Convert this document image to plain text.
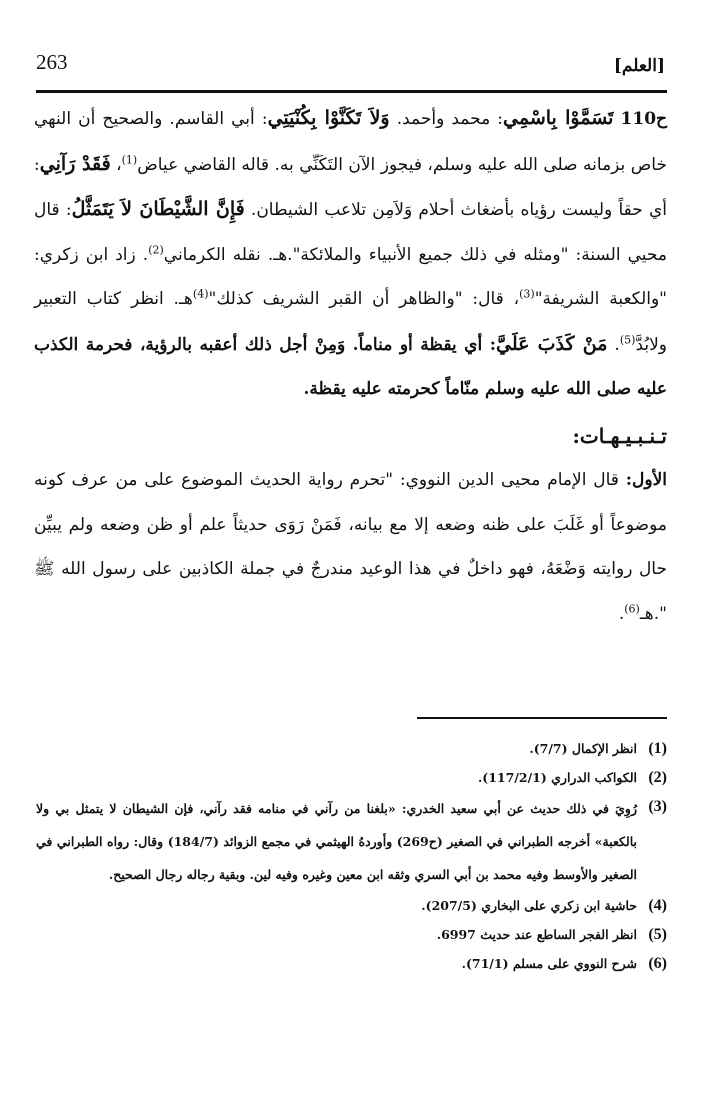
263	[العلم]

ح110 تَسَمَّوْا بِاسْمِي: محمد وأحمد. وَلاَ تَكَنَّوْا بِكُنْيَتِي: أبي القاسم. والصحيح أن النهي خاص بزمانه صلى الله عليه وسلم، فيجوز الآن التَكَنِّي به. قاله القاضي عياض$^{(1)}$، فَقَدْ رَآنِي: أي حقاً وليست رؤياه بأضغاث أحلام وَلاَمِن تلاعب الشيطان. فَإِنَّ الشَّيْطَانَ لاَ يَتَمَثَّلُ: قال محيي السنة: "ومثله في ذلك جميع الأنبياء والملائكة".هـ. نقله الكرماني$^{(2)}$. زاد ابن زكري: "والكعبة الشريفة"$^{(3)}$، قال: "والظاهر أن القبر الشريف كذلك"$^{(4)}$هـ. انظر كتاب التعبير ولابُدَّ$^{(5)}$. مَنْ كَذَبَ عَلَيَّ: أي يقظة أو مناماً. وَمِنْ أجل ذلك أعقبه بالرؤية، فحرمة الكذب عليه صلى الله عليه وسلم منّاماً كحرمته عليه يقظة.

تـنـبـيـهـات:

الأول: قال الإمام محيى الدين النووي: "تحرم رواية الحديث الموضوع على من عرف كونه موضوعاً أو غَلَبَ على ظنه وضعه إلا مع بيانه، فَمَنْ رَوَى حديثاً علم أو ظن وضعه ولم يبيِّن حال روايته وَضْعَهُ، فهو داخلٌ في هذا الوعيد مندرجٌ في جملة الكاذبين على رسول الله ﷺ ".هـ$^{(6)}$.

(1)
انظر الإكمال (7/7).
(2)
الكواكب الدراري (117/2/1).
(3)
رُوِيَ في ذلك حديث عن أبي سعيد الخدري: «بلغنا من رآني في منامه فقد رآني، فإن الشيطان لا يتمثل بي ولا بالكعبة» أخرجه الطبراني في الصغير (ح269) وأوردهُ الهيثمي في مجمع الزوائد (184/7) وقال: رواه الطبراني في الصغير والأوسط وفيه محمد بن أبي السري وثقه ابن معين وغيره وفيه لين. وبقية رجاله رجال الصحيح.
(4)
حاشية ابن زكري على البخاري (207/5).
(5)
انظر الفجر الساطع عند حديث 6997.
(6)
شرح النووي على مسلم (71/1).
